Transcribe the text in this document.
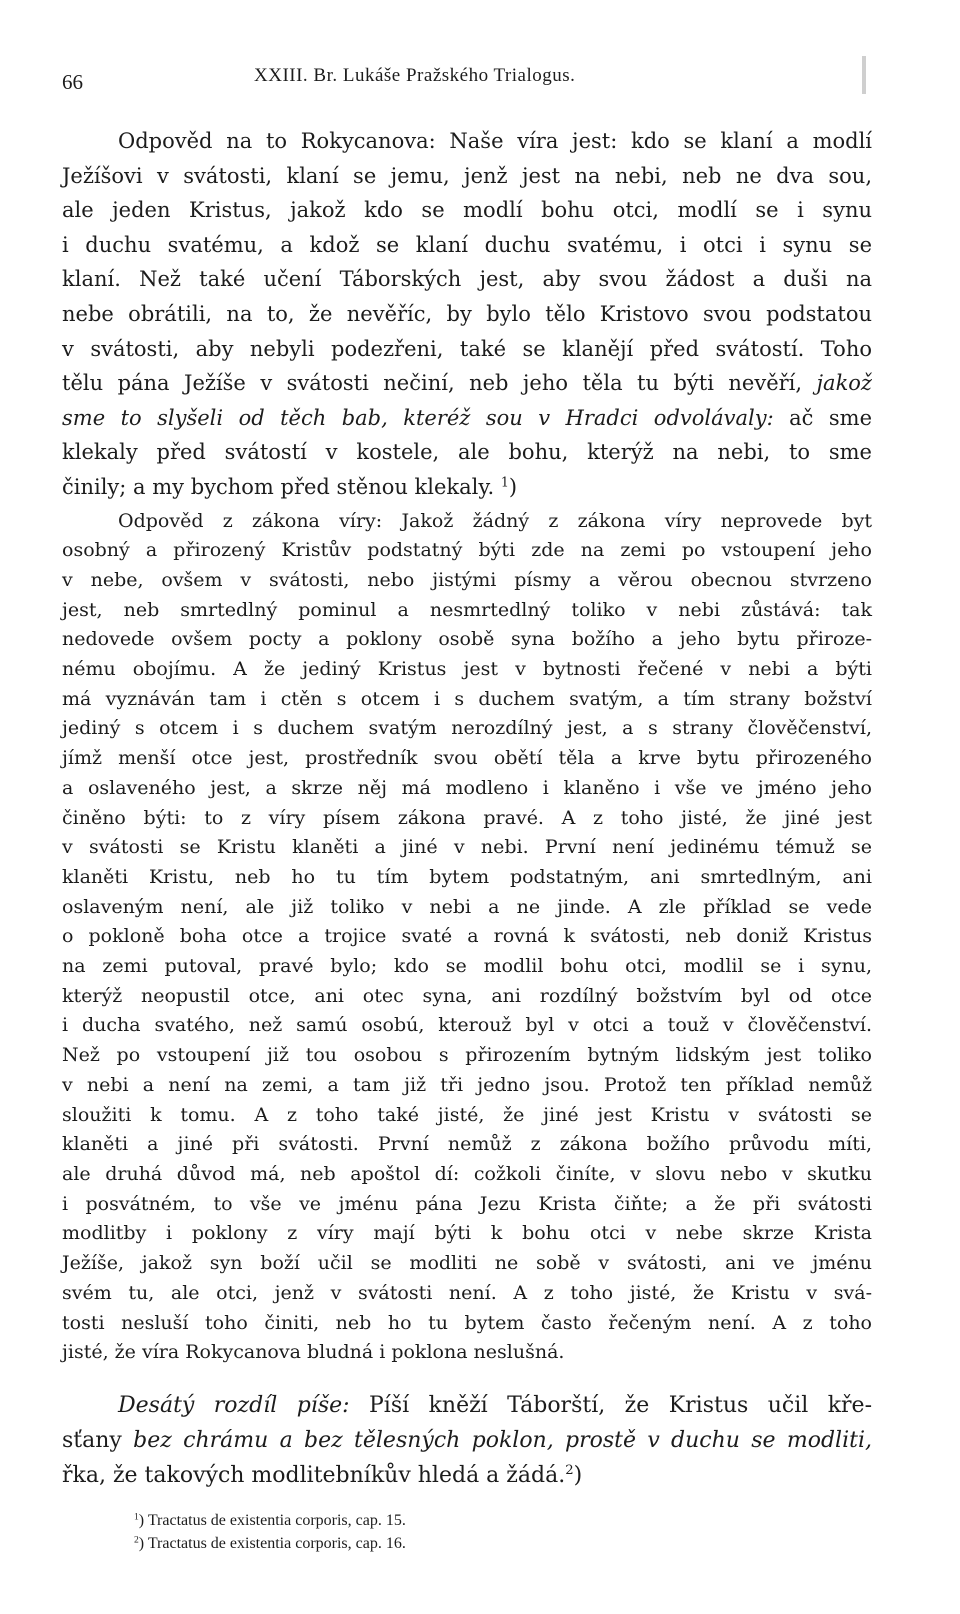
66	XXIII. Br. Lukáše Pražského Trialogus.
Odpověd na to Rokycanova: Naše víra jest: kdo se klaní a modlí
Ježíšovi v svátosti, klaní se jemu, jenž jest na nebi, neb ne dva sou,
ale jeden Kristus, jakož kdo se modlí bohu otci, modlí se i synu
i duchu svatému, a kdož se klaní duchu svatému, i otci i synu se
klaní. Než také učení Táborských jest, aby svou žádost a duši na
nebe obrátili, na to, že nevěříc, by bylo tělo Kristovo svou podstatou
v svátosti, aby nebyli podezřeni, také se klanějí před svátostí. Toho
tělu pána Ježíše v svátosti nečiní, neb jeho těla tu býti nevěří, jakož
sme to slyšeli od těch bab, kteréž sou v Hradci odvolávaly: ač sme
klekaly před svátostí v kostele, ale bohu, kterýž na nebi, to sme
činily; a my bychom před stěnou klekaly. $^1$)
Odpověd z zákona víry: Jakož žádný z zákona víry neprovede byt
osobný a přirozený Kristův podstatný býti zde na zemi po vstoupení jeho
v nebe, ovšem v svátosti, nebo jistými písmy a věrou obecnou stvrzeno
jest, neb smrtedlný pominul a nesmrtedlný toliko v nebi zůstává: tak
nedovede ovšem pocty a poklony osobě syna božího a jeho bytu přiroze-
nému obojímu. A že jediný Kristus jest v bytnosti řečené v nebi a býti
má vyznáván tam i ctěn s otcem i s duchem svatým, a tím strany božství
jediný s otcem i s duchem svatým nerozdílný jest, a s strany člověčenství,
jímž menší otce jest, prostředník svou obětí těla a krve bytu přirozeného
a oslaveného jest, a skrze něj má modleno i klaněno i vše ve jméno jeho
činěno býti: to z víry písem zákona pravé. A z toho jisté, že jiné jest
v svátosti se Kristu klaněti a jiné v nebi. První není jedinému témuž se
klaněti Kristu, neb ho tu tím bytem podstatným, ani smrtedlným, ani
oslaveným není, ale již toliko v nebi a ne jinde. A zle příklad se vede
o pokloně boha otce a trojice svaté a rovná k svátosti, neb doniž Kristus
na zemi putoval, pravé bylo; kdo se modlil bohu otci, modlil se i synu,
kterýž neopustil otce, ani otec syna, ani rozdílný božstvím byl od otce
i ducha svatého, než samú osobú, kterouž byl v otci a touž v člověčenství.
Než po vstoupení již tou osobou s přirozením bytným lidským jest toliko
v nebi a není na zemi, a tam již tři jedno jsou. Protož ten příklad nemůž
sloužiti k tomu. A z toho také jisté, že jiné jest Kristu v svátosti se
klaněti a jiné při svátosti. První nemůž z zákona božího průvodu míti,
ale druhá důvod má, neb apoštol dí: cožkoli činíte, v slovu nebo v skutku
i posvátném, to vše ve jménu pána Jezu Krista čiňte; a že při svátosti
modlitby i poklony z víry mají býti k bohu otci v nebe skrze Krista
Ježíše, jakož syn boží učil se modliti ne sobě v svátosti, ani ve jménu
svém tu, ale otci, jenž v svátosti není. A z toho jisté, že Kristu v svá-
tosti nesluší toho činiti, neb ho tu bytem často řečeným není. A z toho
jisté, že víra Rokycanova bludná i poklona neslušná.
Desátý rozdíl píše: Píší kněží Táborští, že Kristus učil kře-
sťany bez chrámu a bez tělesných poklon, prostě v duchu se modliti,
řka, že takových modlitebníkův hledá a žádá.$^2$)
$^1$) Tractatus de existentia corporis, cap. 15.
$^2$) Tractatus de existentia corporis, cap. 16.
